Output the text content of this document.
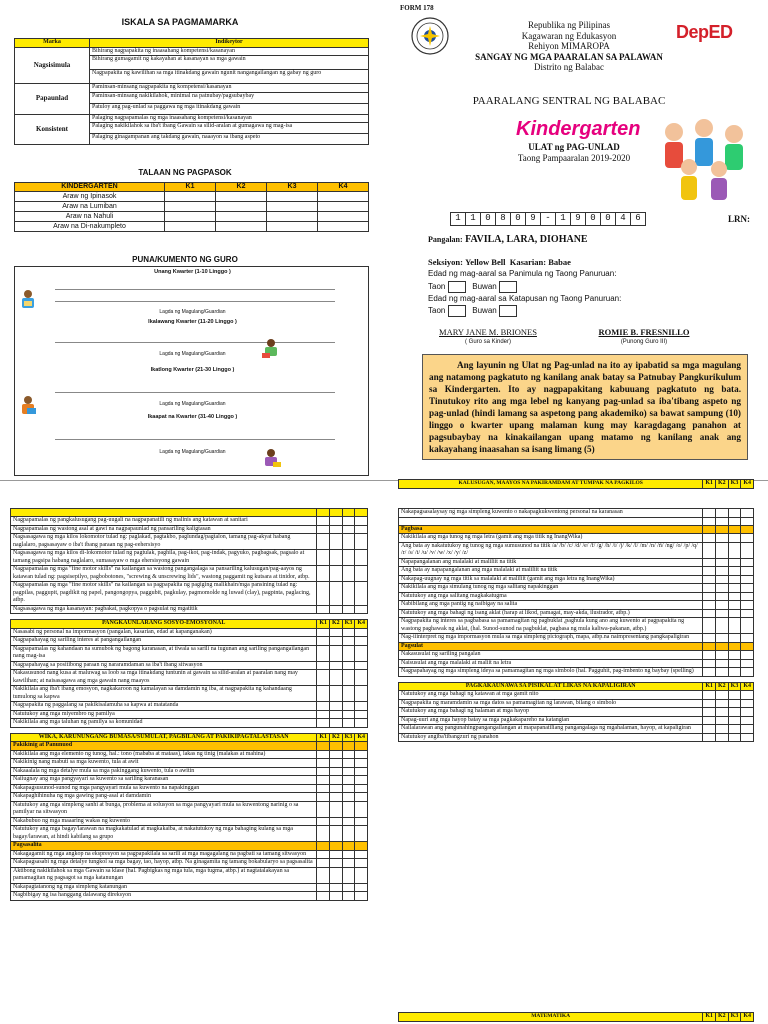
ISKALA SA PAGMAMARKA
Marka	Indikeytor
Nagsisimula	Bihirang nagpapakita ng inaasahang kompetensi/kasanayan
	Bihirang gumagamit ng kakayahan at kasanayan sa mga gawain
	Nagpapakita ng kawilihan sa mga itinakdang gawain ngunit nangangailangan ng gabay ng guro
Papaunlad	Paminsan-minsang nagpapakita ng kompetensi/kasanayan
	Paminsan-minsang nakikilahok, minimal na patnubay/pagsubaybay
	Patuloy ang pag-unlad sa paggawa ng mga itinakdang gawain
Konsistent	Palaging nagpapamalas ng mga inaasahang kompetensi/kasanayan
	Palaging nakikilahok sa iba't ibang Gawain sa silid-aralan at gumagawa ng mag-isa
	Palaging ginagampanan ang takdang gawain, naaayon sa ibang aspeto
TALAAN NG PAGPASOK
KINDERGARTEN	K1	K2	K3	K4
Araw ng Ipinasok				
Araw na Lumiban				
Araw na Nahuli				
Araw na Di-nakumpleto				
PUNA/KUMENTO NG GURO
Unang Kwarter (1-10 Linggo )
Lagda ng Magulang/Guardian
Ikalawang Kwarter (11-20 Linggo )
Lagda ng Magulang/Guardian
Ikatlong Kwarter (21-30 Linggo )
Lagda ng Magulang/Guardian
Ikaapat na Kwarter (31-40 Linggo )
Lagda ng Magulang/Guardian
FORM 178
Republika ng Pilipinas
Kagawaran ng Edukasyon
Rehiyon MIMAROPA
SANGAY NG MGA PAARALAN SA PALAWAN
Distrito ng Balabac
DepED
PAARALANG SENTRAL NG BALABAC
Kindergarten
ULAT ng PAG-UNLAD
Taong Pampaaralan 2019-2020
1	1	0	8	0	9	-	1	9	0	0	4	6	LRN:
Pangalan: FAVILA, LARA, DIOHANE
Seksiyon: Yellow Bell Kasarian: Babae
Edad ng mag-aaral sa Panimula ng Taong Panuruan:
Taon	Buwan
Edad ng mag-aaral sa Katapusan ng Taong Panuruan:
Taon	Buwan
MARY JANE M. BRIONES
( Guro sa Kinder)
ROMIE B. FRESNILLO
(Punong Guro III)
Ang layunin ng Ulat ng Pag-unlad na ito ay ipabatid sa mga magulang ang natamong pagkatuto ng kanilang anak batay sa Patnubay Pangkurikulum sa Kindergarten. Ito ay nagpapakitang kabuuang pagkatuto ng bata. Tinutukoy rito ang mga lebel ng kanyang pag-unlad sa iba'tibang aspeto ng pag-unlad (hindi lamang sa aspetong pang akademiko) sa bawat sampung (10) linggo o kwarter upang malaman kung may karagdagang panahon at pagsubaybay na kinakailangan upang matamo ng kanilang anak ang kakayahang inaasahan sa isang limang (5)
KALUSUGAN, MAAYOS NA PAKIRAMDAM AT TUMPAK NA PAGKILOS	K1	K2	K3	K4

Nagpapamalas ng pangkalusugang pag-uugali na nagpapanatili ng malinis ang katawan at sanitari				
Nagpapamalas ng wastong asal at gawi na nagpapaunlad ng pansariling kaligtasan				
Nagsasagawa ng mga kilos lokomotor tulad ng: paglakad, pagtakbo, paglundag/pagtalon, tamang pag-akyat habang naglalaro, pagsasayaw o iba't ibang paraan ng pag-eehersisyo				
Nagsasagawa ng mga kilos di-lokomotor tulad ng pagtulak, paghila, pag-ikot, pag-indak, pagyuko, pagbagsak, pagsalo at tamang pagsipa habang naglalaro, sumasayaw o mga ehersisyong gawain				
Nagpapamalas ng mga "fine motor skills" na kailangan sa wastong pangangalaga sa pansariling kalusugan/pag-aayos ng katawan tulad ng: pagsisepilyo, pagbobotones, "screwing & unscrewing lids", wastong paggamit ng kutsara at tinidor, atbp.				
Nagpapamalas ng mga "fine motor skills" na kailangan sa pagpapakita ng pagiging malikhain/mga pansining tulad ng: pagpilas, paggupit, pagdikit ng papel, pangongopya, paggubit, pagkulay, pagmomolde ng luwad (clay), pagpinta, paglacing, atbp.				
Nagsasagawa ng mga kasanayan: pagbakat, pagkopya o pagsulat ng mgatitik				

PANGKAUNLARANG SOSYO-EMOSYONAL	K1	K2	K3	K4
Nasasabi ng personal na impormasyon (pangalan, kasarian, edad at kapanganakan)				
Nagpapahayag ng sariling interes at pangangailangan				
Nagpapamalas ng kahandaan na sumubok ng bagong karanasan, at tiwala sa sarili na tugunan ang sariling pangangailangan nang mag-isa				
Nagpapahayag sa positibong paraan ng nararamdaman sa iba't ibang sitwasyon				
Nakasusunod nang kusa at maluwag sa loob sa mga itinakdang tuntunin at gawain sa silid-aralan at paaralan nang may kawilihan; at naisasagawa ang mga gawain nang maayos				
Nakikilala ang iba't ibang emosyon, nagkakaroon ng kamalayan sa damdamin ng iba, at nagpapakita ng kahandaang tumulong sa kapwa				
Nagpapakita ng paggalang sa pakikisalamuha sa kapwa at matatanda				
Natutukoy ang mga miyembro ng pamilya				
Nakikilala ang mga taluhan ng pamilya sa komunidad				

WIKA, KARUNUNGANG BUMASA/SUMULAT, PAGBILANG AT PAKIKIPAGTALASTASAN	K1	K2	K3	K4
Pakikinig at Panunuod				
Nakikilala ang mga elemento ng tunog, hal.: tono (mababa at mataas), lakas ng tinig (malakas at mahina)				
Nakikinig nang mabuti sa mga kuwento, tula at awit				
Nakaaalala ng mga detalye mula sa mga pakinggang kuwento, tula o awitin				
Naiiugnay ang mga pangyayari sa kuwento sa sariling karanasan				
Nakapagsusunod-sunod ng mga pangyayari mula sa kuwento na napakinggan				
Nakapaghihinuha ng mga gawing pang-asal at damdamin				
Natutukoy ang mga simpleng sanhi at bunga, problema at solusyon sa mga pangyayari mula sa kuwentong narinig o sa pamilyar na sitwasyon				
Nakabubuo ng mga maaaring wakas ng kuwento				
Natutukoy ang mga bagay/larawan na magkakatulad at magkakaiba, at nakatutukoy ng mga bahaging kulang sa mga bagay/larawan, at hindi kabilang sa grupo				
Pagsasalita				
Nakagagamit ng mga angkop na ekspresyon sa pagpapakilala sa sarili at mga magagalang na pagbati sa tamang sitwasyon				
Nakapagsasabi ng mga detalye tungkol sa mga bagay, tao, hayop, atbp. Na ginagamita ng tamang bokabularyo sa pagsasalita				
Aktibong nakikilahok sa mga Gawain sa klase (hal. Pagbigkas ng mga tula, mga tugma, atbp.) at nagtatalakayan sa pamamagitan ng pagsagot sa mga katanungan				
Nakapagtatanong ng mga simpleng katanungan				
Nagbibigay ng isa hanggang dalawang direksyon				
Nakapagsasalaysay ng mga simpleng kuwento o nakapagkukwentong personal na karanasan				

Pagbasa				
Nakikilala ang mga tunog ng mga letra (gamit ang mga titik ng InangWika)				
Ang bata ay nakatutukoy ng tunog ng mga sumusunod na titik /a/ /b/ /c/ /d/ /e/ /f/ /g/ /h/ /i/ /j/ /k/ /l/ /m/ /n/ /ñ/ /ng/ /o/ /p/ /q/ /r/ /s/ /t/ /u/ /v/ /w/ /x/ /y/ /z/				
Napapangalanan ang malalaki at maliliit na titik				
Ang bata ay napapangalanan ang mga malalaki at maliliit na titik				
Nakapag-uugnay ng mga titik sa malalaki at maliliit (gamit ang mga letra ng InangWika)				
Nakikilala ang mga simulang tunog ng mga salitang napakinggan				
Natutukoy ang mga salitang magkakatugma				
Nabibilang ang mga pantig ng naibigay na salita				
Natutukoy ang mga bahagi ng isang aklat (harap at likod, pamagat, may-akda, ilustrador, atbp.)				
Nagpapakita ng interes sa pagbabasa sa pamamagitan ng pagbuklat ,paghula kung ano ang kuwento at pagpapakita ng wastong paghawak ng aklat, (hal. Sunod-sunod na pagbuklat, pagbasa ng mula kaliwa-pakanan, atbp.)				
Nag-iiinterpret ng mga impormasyon mula sa mga simpleng pictograph, mapa, atbp.na naimpresentang pangkapaligiran				
Pagsulat				
Nakasusulat ng sariling pangalan				
Naisusulat ang mga malalaki at maliit na letra				
Nagpapahayag ng mga simpleng ideya sa pamamagitan ng mga simbolo (hal. Pagguhit, pag-imbento ng baybay (spelling)				

PAGKAKAUNAWA SA PISIKAL AT LIKAS NA KAPALIGIRAN	K1	K2	K3	K4
Natutukoy ang mga bahagi ng katawan at mga gamit nito				
Nagpapakita ng maramdamin sa mga datos sa pamamagitan ng larawan, bilang o simbolo				
Natutukoy ang mga bahagi ng halaman at mga hayop				
Napag-uuri ang mga hayop batay sa mga pagkakapareho na katangian				
Nailalarawan ang pangunahingpangangailangan at mapapanatiliang pangangalaga ng mgahalaman, hayop, at kapaligiran				
Natutukoy angiba'tibangzuri ng panahon				
MATEMATIKA	K1	K2	K3	K4
